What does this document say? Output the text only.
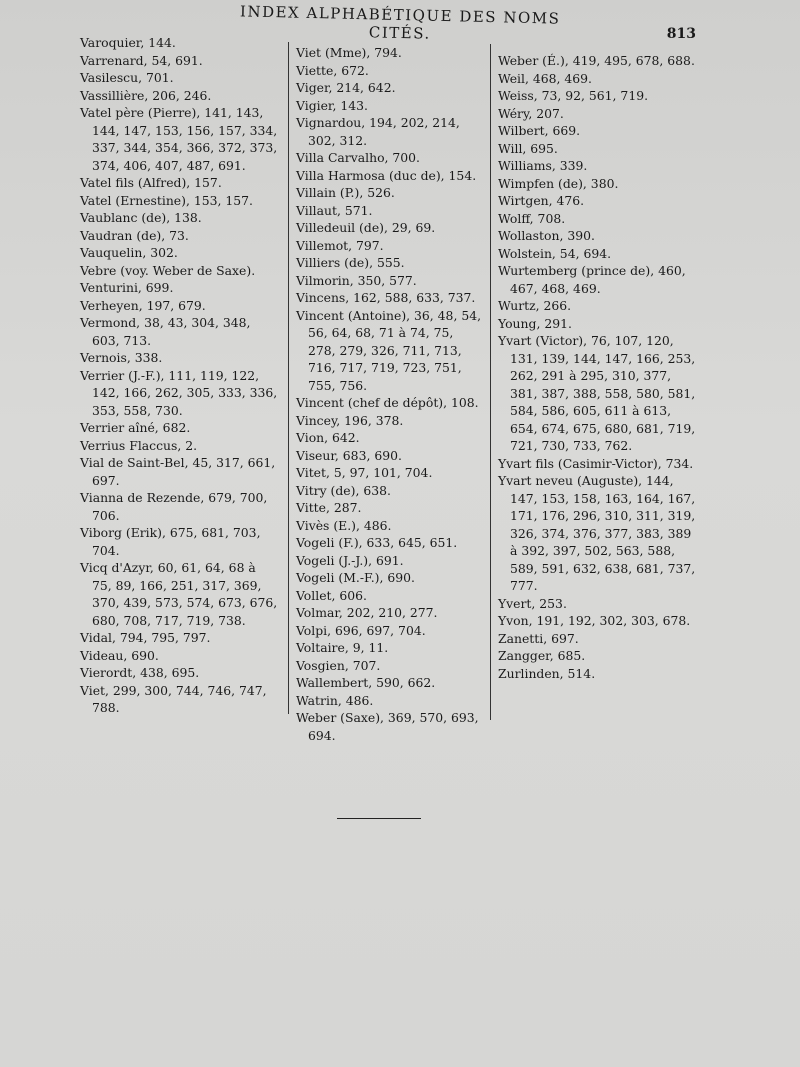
INDEX ALPHABÉTIQUE DES NOMS CITÉS.	813
Varoquier, 144.
Varrenard, 54, 691.
Vasilescu, 701.
Vassillière, 206, 246.
Vatel père (Pierre), 141, 143, 144, 147, 153, 156, 157, 334, 337, 344, 354, 366, 372, 373, 374, 406, 407, 487, 691.
Vatel fils (Alfred), 157.
Vatel (Ernestine), 153, 157.
Vaublanc (de), 138.
Vaudran (de), 73.
Vauquelin, 302.
Vebre (voy. Weber de Saxe).
Venturini, 699.
Verheyen, 197, 679.
Vermond, 38, 43, 304, 348, 603, 713.
Vernois, 338.
Verrier (J.-F.), 111, 119, 122, 142, 166, 262, 305, 333, 336, 353, 558, 730.
Verrier aîné, 682.
Verrius Flaccus, 2.
Vial de Saint-Bel, 45, 317, 661, 697.
Vianna de Rezende, 679, 700, 706.
Viborg (Erik), 675, 681, 703, 704.
Vicq d'Azyr, 60, 61, 64, 68 à 75, 89, 166, 251, 317, 369, 370, 439, 573, 574, 673, 676, 680, 708, 717, 719, 738.
Vidal, 794, 795, 797.
Videau, 690.
Vierordt, 438, 695.
Viet, 299, 300, 744, 746, 747, 788.
Viet (Mme), 794.
Viette, 672.
Viger, 214, 642.
Vigier, 143.
Vignardou, 194, 202, 214, 302, 312.
Villa Carvalho, 700.
Villa Harmosa (duc de), 154.
Villain (P.), 526.
Villaut, 571.
Villedeuil (de), 29, 69.
Villemot, 797.
Villiers (de), 555.
Vilmorin, 350, 577.
Vincens, 162, 588, 633, 737.
Vincent (Antoine), 36, 48, 54, 56, 64, 68, 71 à 74, 75, 278, 279, 326, 711, 713, 716, 717, 719, 723, 751, 755, 756.
Vincent (chef de dépôt), 108.
Vincey, 196, 378.
Vion, 642.
Viseur, 683, 690.
Vitet, 5, 97, 101, 704.
Vitry (de), 638.
Vitte, 287.
Vivès (E.), 486.
Vogeli (F.), 633, 645, 651.
Vogeli (J.-J.), 691.
Vogeli (M.-F.), 690.
Vollet, 606.
Volmar, 202, 210, 277.
Volpi, 696, 697, 704.
Voltaire, 9, 11.
Vosgien, 707.
Wallembert, 590, 662.
Watrin, 486.
Weber (Saxe), 369, 570, 693, 694.
Weber (É.), 419, 495, 678, 688.
Weil, 468, 469.
Weiss, 73, 92, 561, 719.
Wéry, 207.
Wilbert, 669.
Will, 695.
Williams, 339.
Wimpfen (de), 380.
Wirtgen, 476.
Wolff, 708.
Wollaston, 390.
Wolstein, 54, 694.
Wurtemberg (prince de), 460, 467, 468, 469.
Wurtz, 266.
Young, 291.
Yvart (Victor), 76, 107, 120, 131, 139, 144, 147, 166, 253, 262, 291 à 295, 310, 377, 381, 387, 388, 558, 580, 581, 584, 586, 605, 611 à 613, 654, 674, 675, 680, 681, 719, 721, 730, 733, 762.
Yvart fils (Casimir-Victor), 734.
Yvart neveu (Auguste), 144, 147, 153, 158, 163, 164, 167, 171, 176, 296, 310, 311, 319, 326, 374, 376, 377, 383, 389 à 392, 397, 502, 563, 588, 589, 591, 632, 638, 681, 737, 777.
Yvert, 253.
Yvon, 191, 192, 302, 303, 678.
Zanetti, 697.
Zangger, 685.
Zurlinden, 514.
